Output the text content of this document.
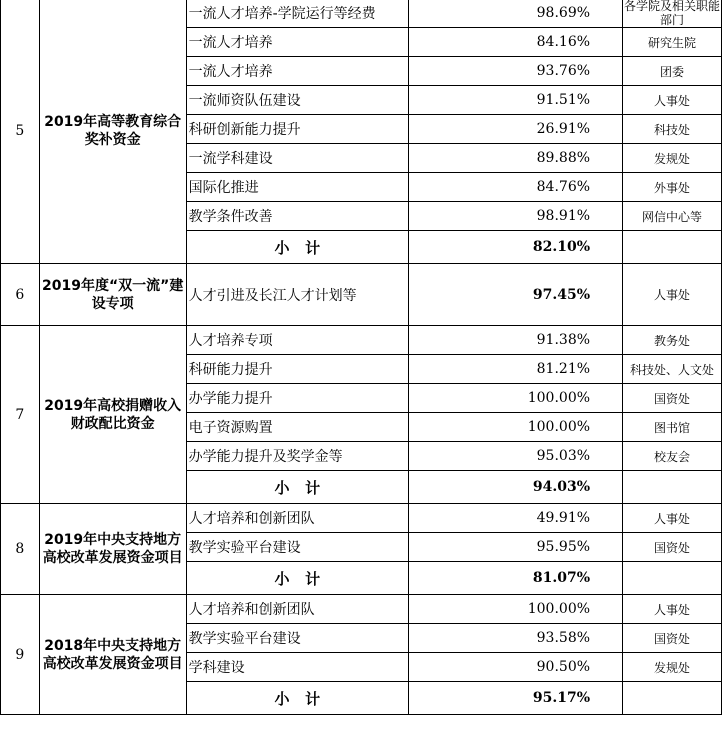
5	2019年高等教育综合奖补资金	一流人才培养-学院运行等经费	98.69%	各学院及相关职能部门
		一流人才培养	84.16%	研究生院
		一流人才培养	93.76%	团委
		一流师资队伍建设	91.51%	人事处
		科研创新能力提升	26.91%	科技处
		一流学科建设	89.88%	发规处
		国际化推进	84.76%	外事处
		教学条件改善	98.91%	网信中心等
		小   计	82.10%	
6	2019年度“双一流”建设专项	人才引进及长江人才计划等	97.45%	人事处
7	2019年高校捐赠收入财政配比资金	人才培养专项	91.38%	教务处
		科研能力提升	81.21%	科技处、人文处
		办学能力提升	100.00%	国资处
		电子资源购置	100.00%	图书馆
		办学能力提升及奖学金等	95.03%	校友会
		小   计	94.03%	
8	2019年中央支持地方高校改革发展资金项目	人才培养和创新团队	49.91%	人事处
		教学实验平台建设	95.95%	国资处
		小   计	81.07%	
9	2018年中央支持地方高校改革发展资金项目	人才培养和创新团队	100.00%	人事处
		教学实验平台建设	93.58%	国资处
		学科建设	90.50%	发规处
		小   计	95.17%	
